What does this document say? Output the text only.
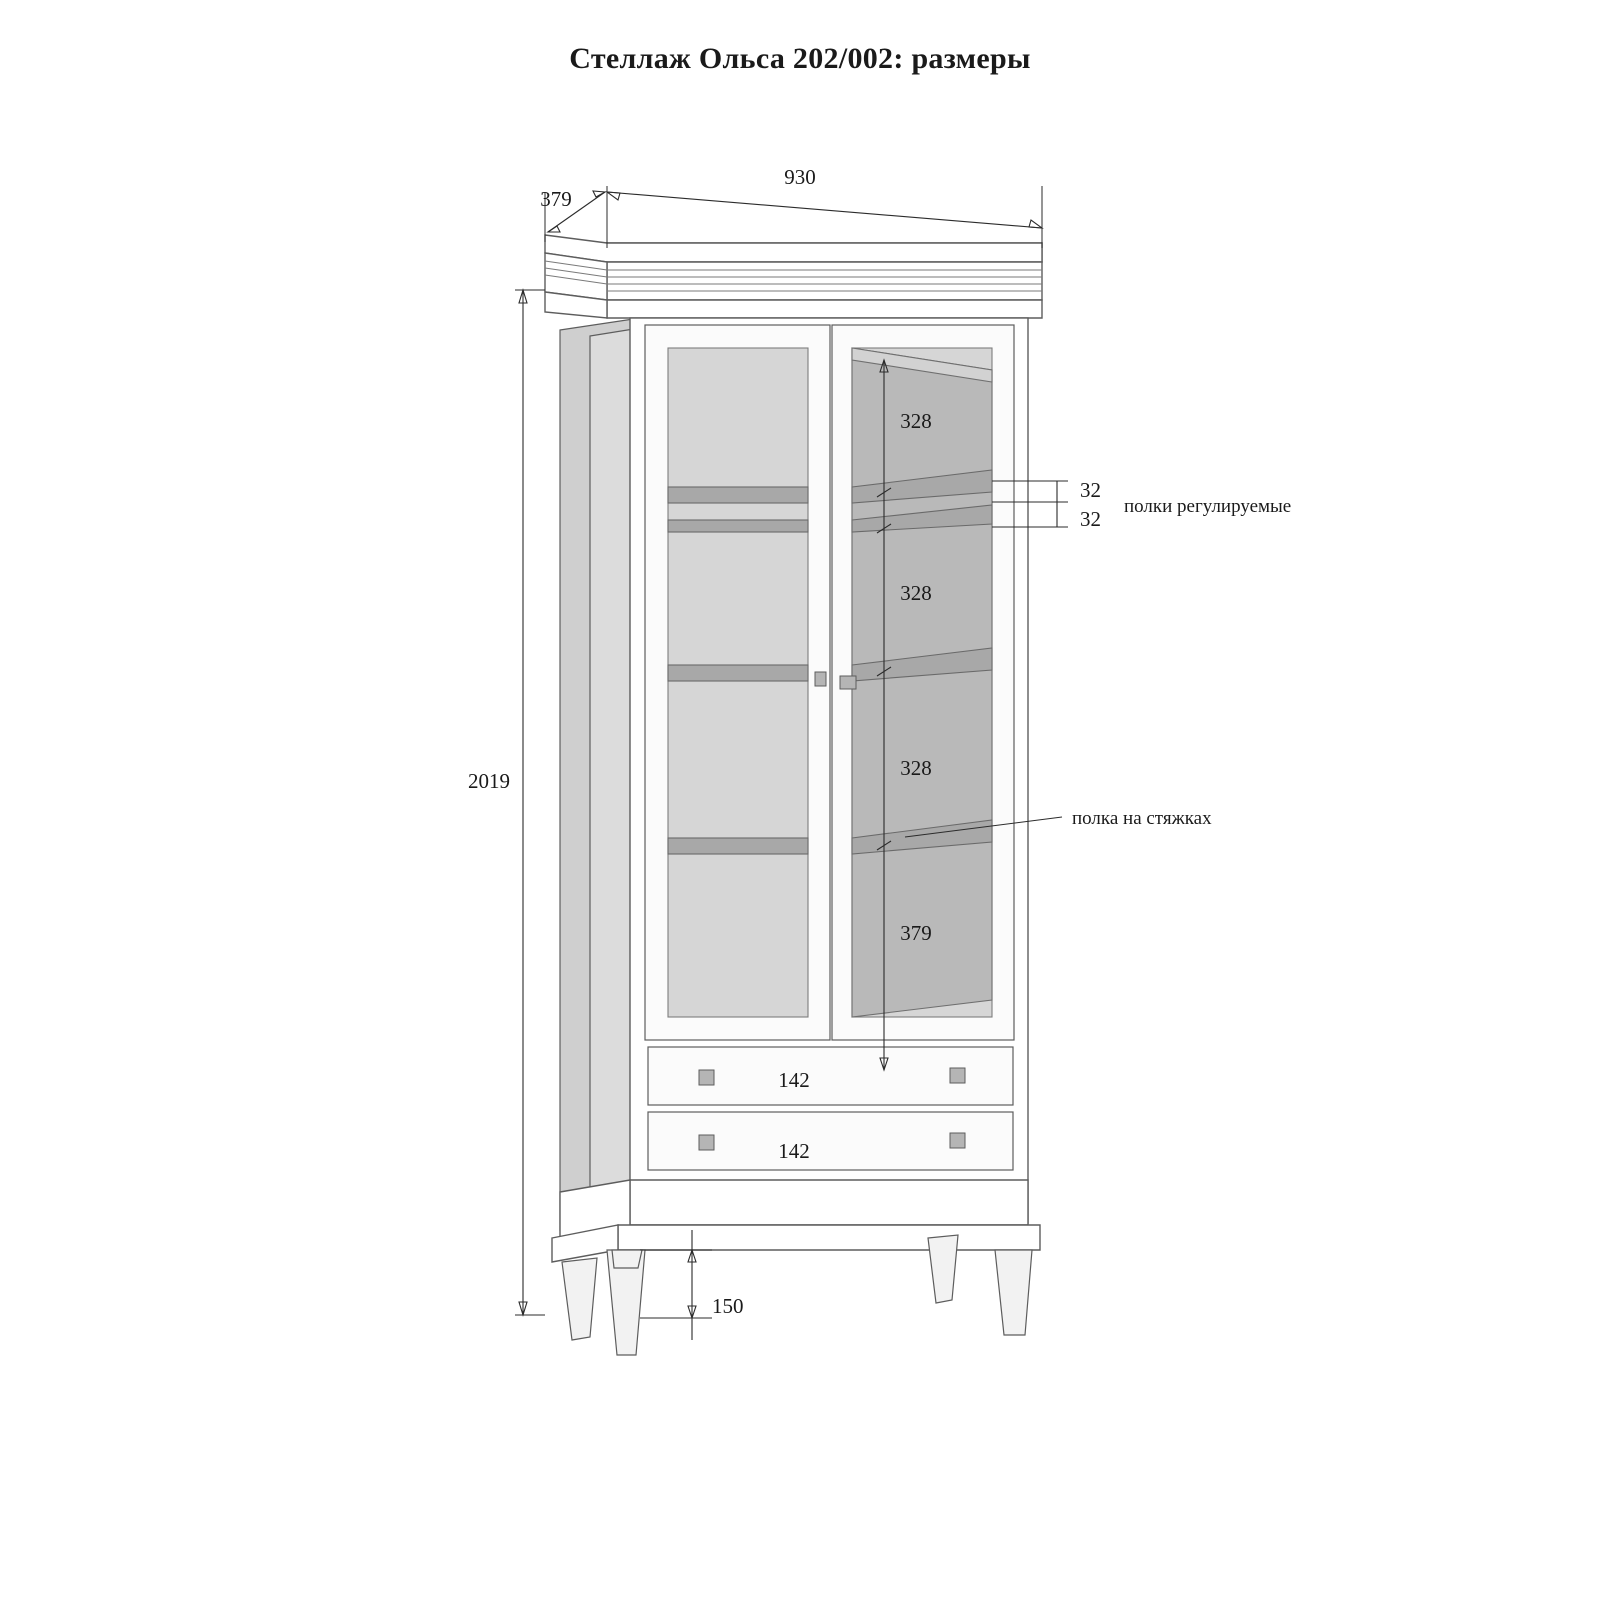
Стеллаж Ольса 202/002: размеры
930
379
2019
328
328
328
379
32
32
полки регулируемые
полка на стяжках
142
142
150
